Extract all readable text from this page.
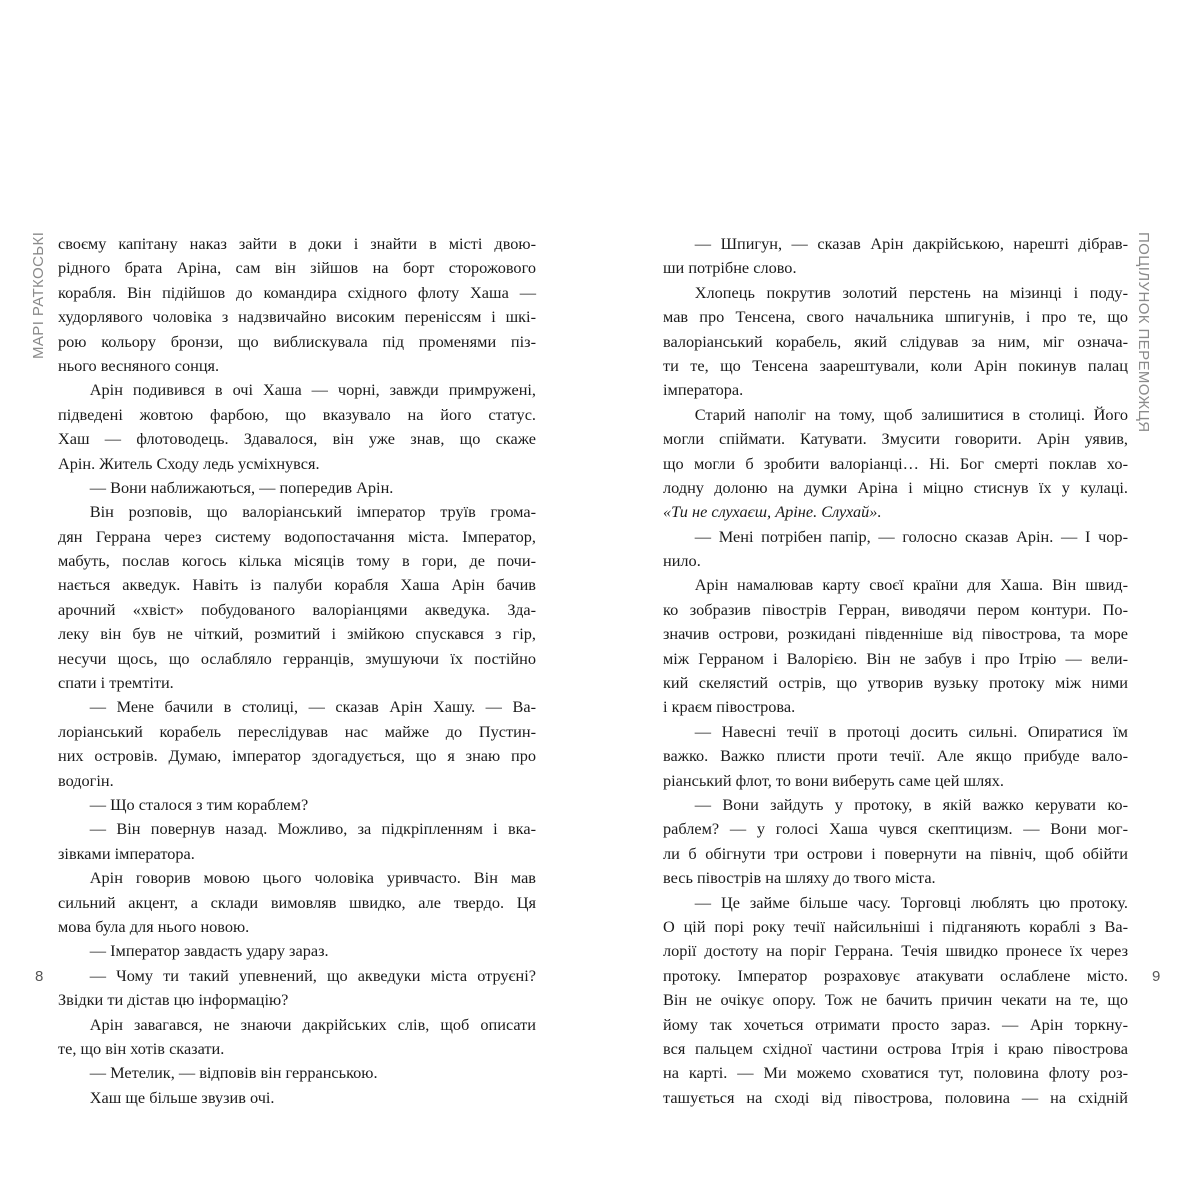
МАРІ РАТКОСЬКІ	ПОЦІЛУНОК ПЕРЕМОЖЦЯ
своєму капітану наказ зайти в доки і знайти в місті двою-
рідного брата Аріна, сам він зійшов на борт сторожового
корабля. Він підійшов до командира східного флоту Хаша —
худорлявого чоловіка з надзвичайно високим переніссям і шкі-
рою кольору бронзи, що виблискувала під променями піз-
нього весняного сонця.
Арін подивився в очі Хаша — чорні, завжди примружені,
підведені жовтою фарбою, що вказувало на його статус.
Хаш — флотоводець. Здавалося, він уже знав, що скаже
Арін. Житель Сходу ледь усміхнувся.
— Вони наближаються, — попередив Арін.
Він розповів, що валоріанський імператор труїв грома-
дян Геррана через систему водопостачання міста. Імператор,
мабуть, послав когось кілька місяців тому в гори, де почи-
нається акведук. Навіть із палуби корабля Хаша Арін бачив
арочний «хвіст» побудованого валоріанцями акведука. Зда-
леку він був не чіткий, розмитий і змійкою спускався з гір,
несучи щось, що ослабляло герранців, змушуючи їх постійно
спати і тремтіти.
— Мене бачили в столиці, — сказав Арін Хашу. — Ва-
лоріанський корабель переслідував нас майже до Пустин-
них островів. Думаю, імператор здогадується, що я знаю про
водогін.
— Що сталося з тим кораблем?
— Він повернув назад. Можливо, за підкріпленням і вка-
зівками імператора.
Арін говорив мовою цього чоловіка уривчасто. Він мав
сильний акцент, а склади вимовляв швидко, але твердо. Ця
мова була для нього новою.
— Імператор завдасть удару зараз.
— Чому ти такий упевнений, що акведуки міста отруєні?
Звідки ти дістав цю інформацію?
Арін завагався, не знаючи дакрійських слів, щоб описати
те, що він хотів сказати.
— Метелик, — відповів він герранською.
Хаш ще більше звузив очі.
— Шпигун, — сказав Арін дакрійською, нарешті дібрав-
ши потрібне слово.
Хлопець покрутив золотий перстень на мізинці і поду-
мав про Тенсена, свого начальника шпигунів, і про те, що
валоріанський корабель, який слідував за ним, міг означа-
ти те, що Тенсена заарештували, коли Арін покинув палац
імператора.
Старий наполіг на тому, щоб залишитися в столиці. Його
могли спіймати. Катувати. Змусити говорити. Арін уявив,
що могли б зробити валоріанці… Ні. Бог смерті поклав хо-
лодну долоню на думки Аріна і міцно стиснув їх у кулаці.
«Ти не слухаєш, Аріне. Слухай».
— Мені потрібен папір, — голосно сказав Арін. — І чор-
нило.
Арін намалював карту своєї країни для Хаша. Він швид-
ко зобразив півострів Герран, виводячи пером контури. По-
значив острови, розкидані південніше від півострова, та море
між Герраном і Валорією. Він не забув і про Ітрію — вели-
кий скелястий острів, що утворив вузьку протоку між ними
і краєм півострова.
— Навесні течії в протоці досить сильні. Опиратися їм
важко. Важко плисти проти течії. Але якщо прибуде вало-
ріанський флот, то вони виберуть саме цей шлях.
— Вони зайдуть у протоку, в якій важко керувати ко-
раблем? — у голосі Хаша чувся скептицизм. — Вони мог-
ли б обігнути три острови і повернути на північ, щоб обійти
весь півострів на шляху до твого міста.
— Це займе більше часу. Торговці люблять цю протоку.
О цій порі року течії найсильніші і підганяють кораблі з Ва-
лорії достоту на поріг Геррана. Течія швидко пронесе їх через
протоку. Імператор розраховує атакувати ослаблене місто.
Він не очікує опору. Тож не бачить причин чекати на те, що
йому так хочеться отримати просто зараз. — Арін торкну-
вся пальцем східної частини острова Ітрія і краю півострова
на карті. — Ми можемо сховатися тут, половина флоту роз-
ташується на сході від півострова, половина — на східній
8	9
